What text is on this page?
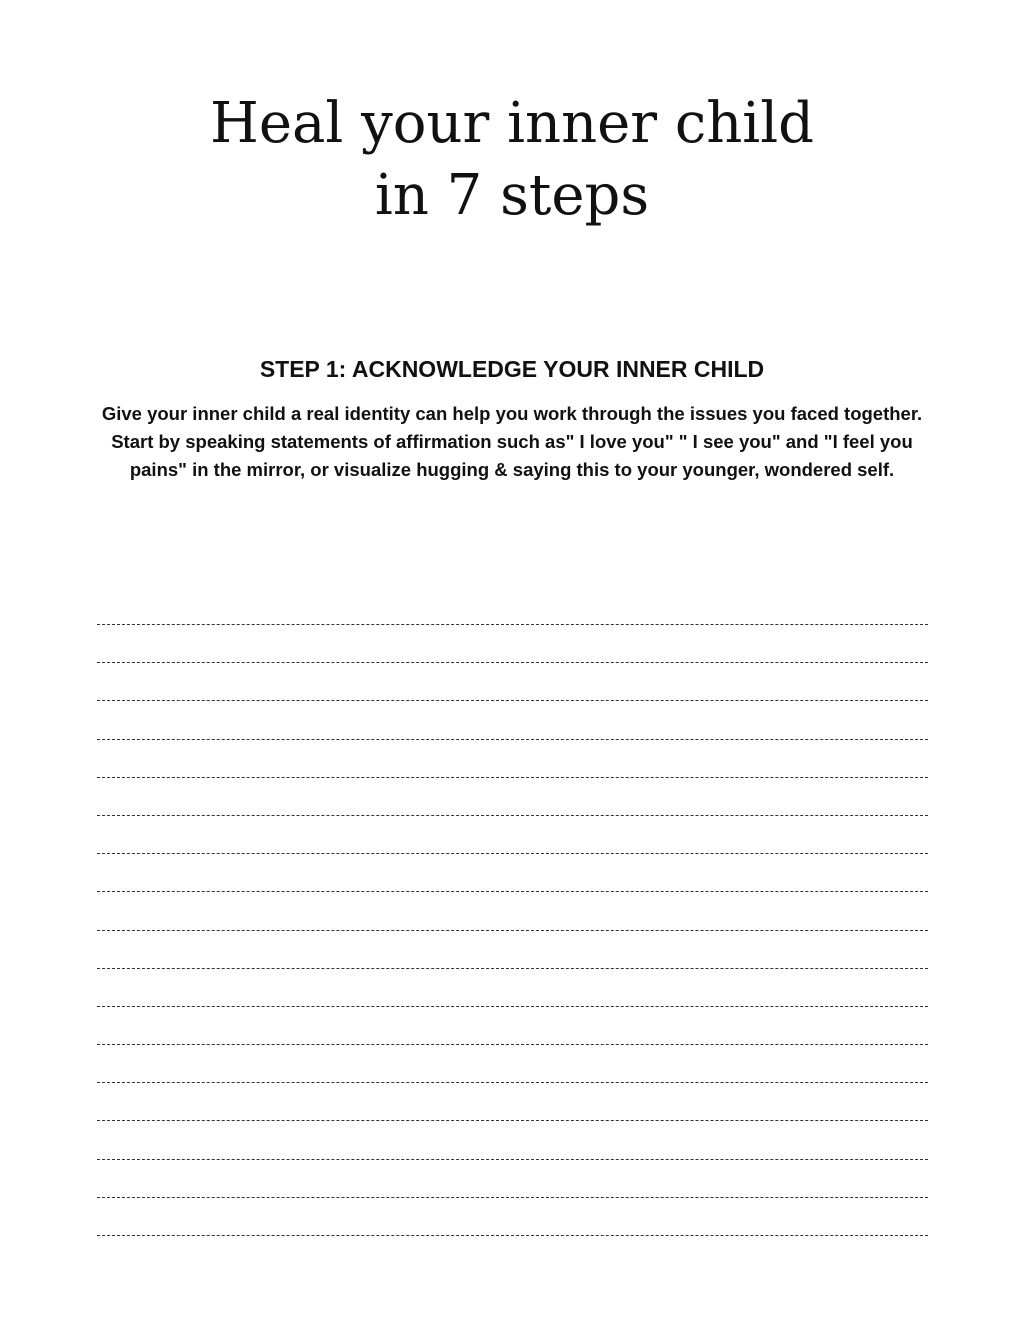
Heal your inner child
in 7 steps
STEP 1: ACKNOWLEDGE YOUR INNER CHILD

Give your inner child a real identity can help you work through the issues you faced together. Start by speaking statements of affirmation such as" I love you" " I see you" and "I feel you pains" in the mirror, or visualize hugging & saying this to your younger, wondered self.
